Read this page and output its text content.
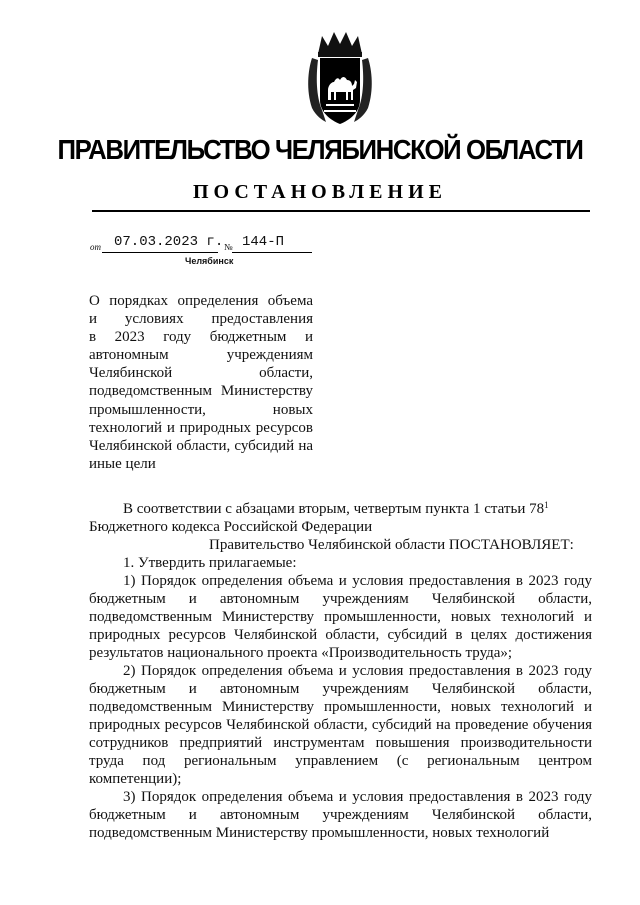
ПРАВИТЕЛЬСТВО ЧЕЛЯБИНСКОЙ ОБЛАСТИ
ПОСТАНОВЛЕНИЕ
от 07.03.2023 г. № 144-П
Челябинск
О порядках определения объема
и условиях предоставления
в 2023 году бюджетным и
автономным учреждениям
Челябинской области,
подведомственным Министерству
промышленности, новых
технологий и природных ресурсов
Челябинской области, субсидий на
иные цели

В соответствии с абзацами вторым, четвертым пункта 1 статьи $78^1$

Бюджетного кодекса Российской Федерации

Правительство Челябинской области ПОСТАНОВЛЯЕТ:

1. Утвердить прилагаемые:

1) Порядок определения объема и условия предоставления в 2023 году бюджетным и автономным учреждениям Челябинской области, подведомственным Министерству промышленности, новых технологий и природных ресурсов Челябинской области, субсидий в целях достижения результатов национального проекта «Производительность труда»;

2) Порядок определения объема и условия предоставления в 2023 году бюджетным и автономным учреждениям Челябинской области, подведомственным Министерству промышленности, новых технологий и природных ресурсов Челябинской области, субсидий на проведение обучения сотрудников предприятий инструментам повышения производительности труда под региональным управлением (с региональным центром компетенции);

3) Порядок определения объема и условия предоставления в 2023 году бюджетным и автономным учреждениям Челябинской области, подведомственным Министерству промышленности, новых технологий
